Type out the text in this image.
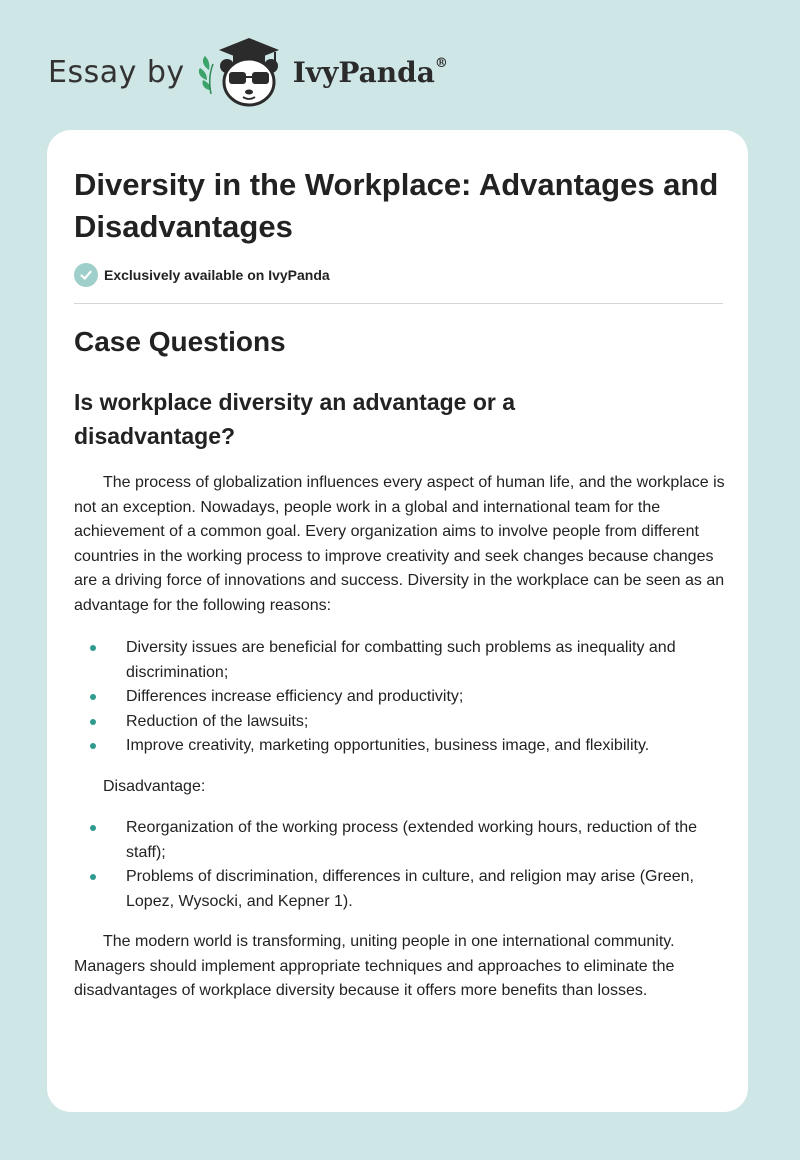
Essay by	IvyPanda®
Diversity in the Workplace: Advantages and Disadvantages
Exclusively available on IvyPanda
Case Questions
Is workplace diversity an advantage or a disadvantage?

The process of globalization influences every aspect of human life, and the workplace is not an exception. Nowadays, people work in a global and international team for the achievement of a common goal. Every organization aims to involve people from different countries in the working process to improve creativity and seek changes because changes are a driving force of innovations and success. Diversity in the workplace can be seen as an advantage for the following reasons:

Diversity issues are beneficial for combatting such problems as inequality and discrimination;
Differences increase efficiency and productivity;
Reduction of the lawsuits;
Improve creativity, marketing opportunities, business image, and flexibility.

Disadvantage:

Reorganization of the working process (extended working hours, reduction of the staff);
Problems of discrimination, differences in culture, and religion may arise (Green, Lopez, Wysocki, and Kepner 1).

The modern world is transforming, uniting people in one international community. Managers should implement appropriate techniques and approaches to eliminate the disadvantages of workplace diversity because it offers more benefits than losses.
